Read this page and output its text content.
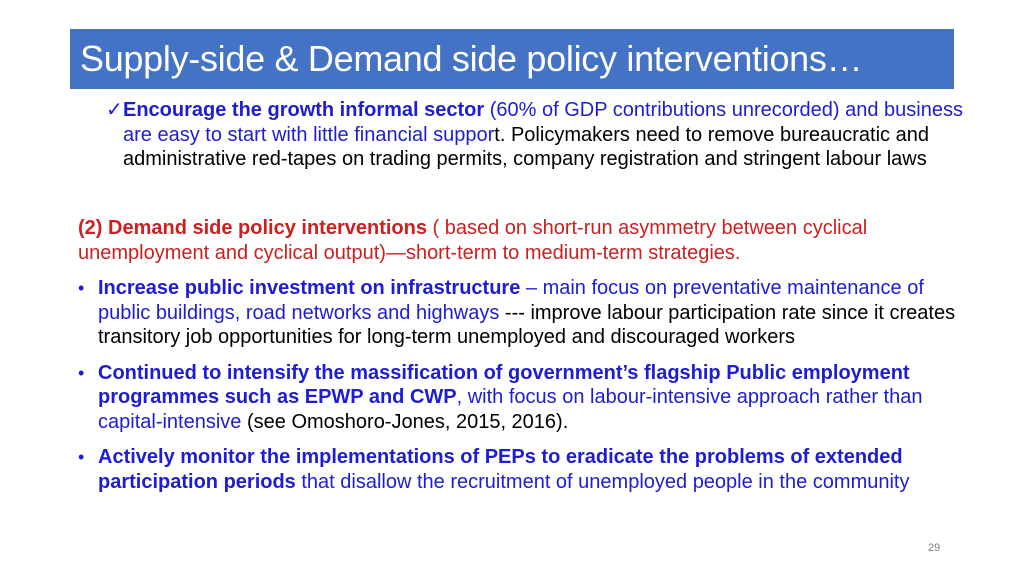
Supply-side & Demand side policy interventions…
✓ Encourage the growth informal sector (60% of GDP contributions unrecorded) and business are easy to start with little financial support. Policymakers need to remove bureaucratic and administrative red-tapes on trading permits, company registration and stringent labour laws

(2) Demand side policy interventions ( based on short-run asymmetry between cyclical unemployment and cyclical output)—short-term to medium-term strategies.

• Increase public investment on infrastructure – main focus on preventative maintenance of public buildings, road networks and highways --- improve labour participation rate since it creates transitory job opportunities for long-term unemployed and discouraged workers
• Continued to intensify the massification of government’s flagship Public employment programmes such as EPWP and CWP, with focus on labour-intensive approach rather than capital-intensive (see Omoshoro-Jones, 2015, 2016).
• Actively monitor the implementations of PEPs to eradicate the problems of extended participation periods that disallow the recruitment of unemployed people in the community
29
